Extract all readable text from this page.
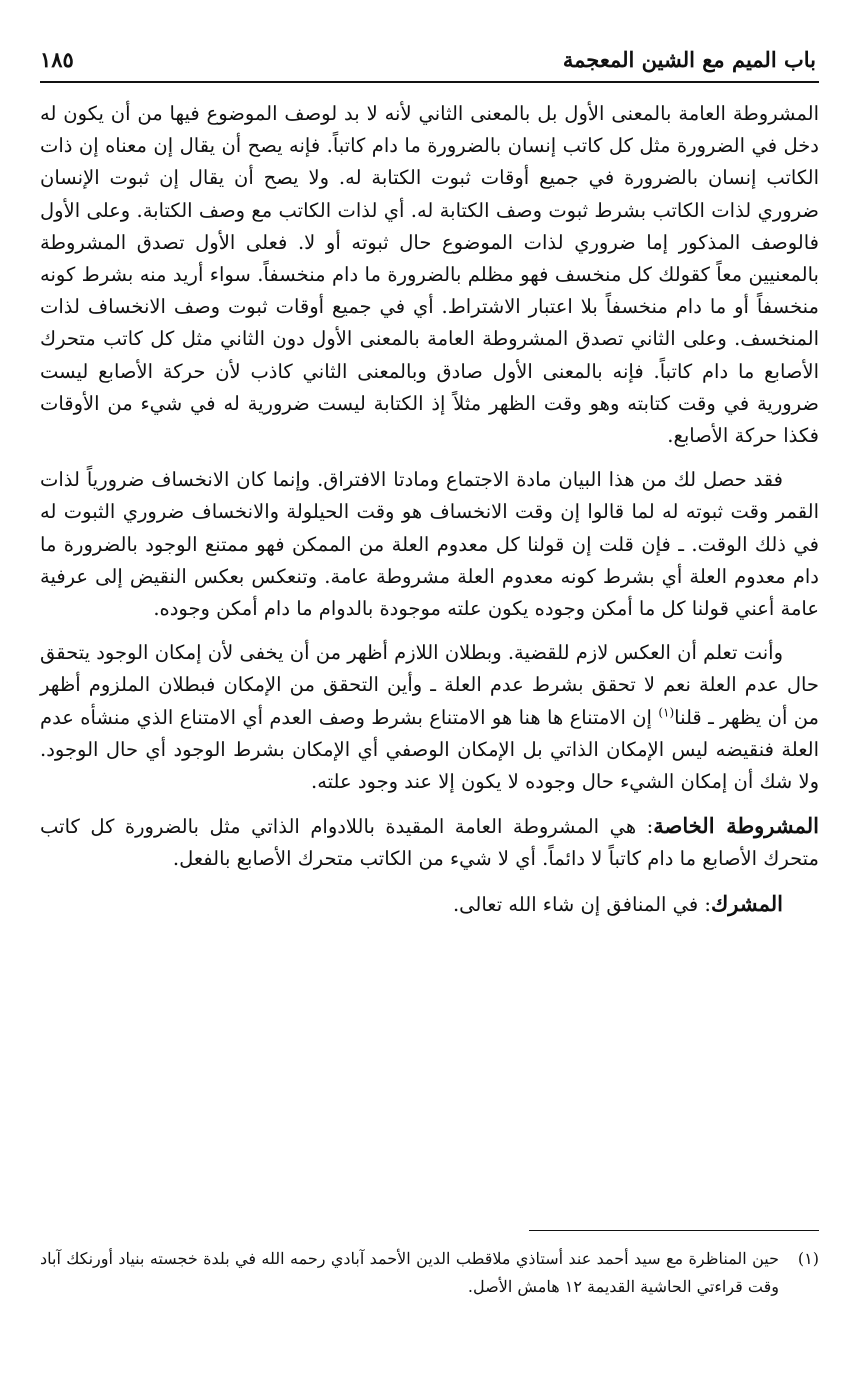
باب الميم مع الشين المعجمة
١٨٥

المشروطة العامة بالمعنى الأول بل بالمعنى الثاني لأنه لا بد لوصف الموضوع فيها من أن يكون له دخل في الضرورة مثل كل كاتب إنسان بالضرورة ما دام كاتباً. فإنه يصح أن يقال إن معناه إن ذات الكاتب إنسان بالضرورة في جميع أوقات ثبوت الكتابة له. ولا يصح أن يقال إن ثبوت الإنسان ضروري لذات الكاتب بشرط ثبوت وصف الكتابة له. أي لذات الكاتب مع وصف الكتابة. وعلى الأول فالوصف المذكور إما ضروري لذات الموضوع حال ثبوته أو لا. فعلى الأول تصدق المشروطة بالمعنيين معاً كقولك كل منخسف فهو مظلم بالضرورة ما دام منخسفاً. سواء أريد منه بشرط كونه منخسفاً أو ما دام منخسفاً بلا اعتبار الاشتراط. أي في جميع أوقات ثبوت وصف الانخساف لذات المنخسف. وعلى الثاني تصدق المشروطة العامة بالمعنى الأول دون الثاني مثل كل كاتب متحرك الأصابع ما دام كاتباً. فإنه بالمعنى الأول صادق وبالمعنى الثاني كاذب لأن حركة الأصابع ليست ضرورية في وقت كتابته وهو وقت الظهر مثلاً إذ الكتابة ليست ضرورية له في شيء من الأوقات فكذا حركة الأصابع.

فقد حصل لك من هذا البيان مادة الاجتماع ومادتا الافتراق. وإنما كان الانخساف ضرورياً لذات القمر وقت ثبوته له لما قالوا إن وقت الانخساف هو وقت الحيلولة والانخساف ضروري الثبوت له في ذلك الوقت. ـ فإن قلت إن قولنا كل معدوم العلة من الممكن فهو ممتنع الوجود بالضرورة ما دام معدوم العلة أي بشرط كونه معدوم العلة مشروطة عامة. وتنعكس بعكس النقيض إلى عرفية عامة أعني قولنا كل ما أمكن وجوده يكون علته موجودة بالدوام ما دام أمكن وجوده.

وأنت تعلم أن العكس لازم للقضية. وبطلان اللازم أظهر من أن يخفى لأن إمكان الوجود يتحقق حال عدم العلة نعم لا تحقق بشرط عدم العلة ـ وأين التحقق من الإمكان فبطلان الملزوم أظهر من أن يظهر ـ قلنا$^{(١)}$ إن الامتناع ها هنا هو الامتناع بشرط وصف العدم أي الامتناع الذي منشأه عدم العلة فنقيضه ليس الإمكان الذاتي بل الإمكان الوصفي أي الإمكان بشرط الوجود أي حال الوجود. ولا شك أن إمكان الشيء حال وجوده لا يكون إلا عند وجود علته.

المشروطة الخاصة: هي المشروطة العامة المقيدة باللادوام الذاتي مثل بالضرورة كل كاتب متحرك الأصابع ما دام كاتباً لا دائماً. أي لا شيء من الكاتب متحرك الأصابع بالفعل.

المشرك: في المنافق إن شاء الله تعالى.

(١)
حين المناظرة مع سيد أحمد عند أستاذي ملاقطب الدين الأحمد آبادي رحمه الله في بلدة خجسته بنياد أورنكك آباد وقت قراءتي الحاشية القديمة ١٢ هامش الأصل.
